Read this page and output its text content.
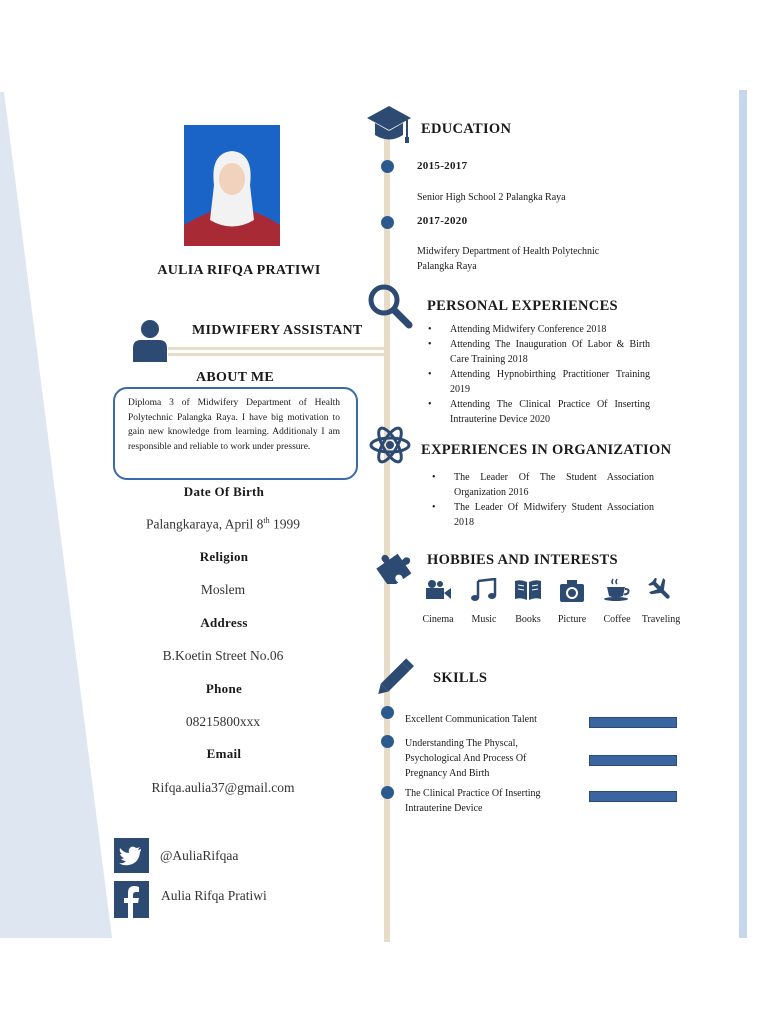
AULIA RIFQA PRATIWI
MIDWIFERY ASSISTANT
ABOUT ME
Diploma 3 of Midwifery Department of Health Polytechnic Palangka Raya. I have big motivation to gain new knowledge from learning. Additionaly I am responsible and reliable to work under pressure.
Date Of Birth
Palangkaraya, April 8th 1999
Religion
Moslem
Address
B.Koetin Street No.06
Phone
08215800xxx
Email
Rifqa.aulia37@gmail.com
@AuliaRifqaa
Aulia Rifqa Pratiwi
EDUCATION
2015-2017
Senior High School 2 Palangka Raya
2017-2020
Midwifery Department of Health Polytechnic Palangka Raya
PERSONAL EXPERIENCES
• Attending Midwifery Conference 2018
• Attending The Inauguration Of Labor & Birth Care Training 2018
• Attending Hypnobirthing Practitioner Training 2019
• Attending The Clinical Practice Of Inserting Intrauterine Device 2020
EXPERIENCES IN ORGANIZATION
• The Leader Of The Student Association Organization 2016
• The Leader Of Midwifery Student Association 2018
HOBBIES AND INTERESTS
Cinema	Music	Books	Picture	Coffee	Traveling
SKILLS
Excellent Communication Talent
Understanding The Physcal, Psychological And Process Of Pregnancy And Birth
The Clinical Practice Of Inserting Intrauterine Device
